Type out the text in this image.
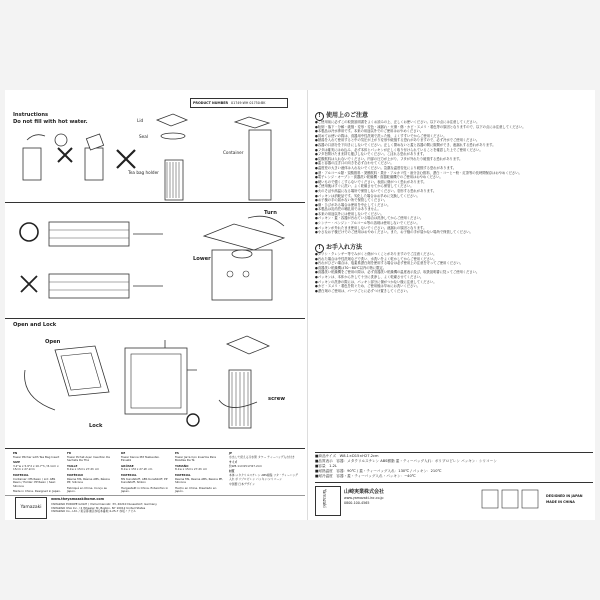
Instructions
Do not fill with hot water.
PRODUCT NUMBER 01749:WH 01750:BK
Lid
Seal
Container
Tea bag holder
Turn
Lower
Open and Lock
Open
Lock
screw
EN
Tower Pitcher with Tea Bag Insert
SIZE
3.2"w x 5.9"d x 10.7"h / 8.1cm x 15cm x 27.2cm
MATERIAL
Container: MS Resin / Lid: ABS Resin / Holder: PP Resin / Seal: Silicone
Made in China. Designed in Japan.
FR
Tower Pichet Avec Insertion De Sachets De Thé
TAILLE
8.1w x 15d x 27.2h cm
MATÉRIAU
Résine MS, Résine ABS, Résine PP, Silicone
Fabriqué en Chine. Conçu au Japon.
DE
Tower Kanne Mit Teebeutel-Einsatz
GRÖSSE
8.1w x 15t x 27.2h cm
MATERIAL
MS Kunststoff, ABS Kunststoff, PP Kunststoff, Silikon
Hergestellt in China. Entworfen in Japan.
ES
Tower Jarra Con Insertos Para Bolsitas De Té
TAMAÑO
8.1w x 15d x 27.2h cm
MATERIAL
Resina MS, Resina ABS, Resina PP, Silicona
Hecho en China. Diseñado en Japón.
JP
水出しで使える冷水筒 タワー ティーバッグ入れ付き
サイズ
約W8.1×D15×H27.2cm
材質
本体:メタクリルスチレン ABS樹脂 フタ・ティーバッグ入れ:ポリプロピレン パッキン:シリコーン
中国製 日本デザイン
Yamazaki
www.theyamazakihome.com
YAMAZAKI EUROPE GmbH / Immermannstr. 33, 40210 Dusseldorf, Germany
YAMAZAKI USA Inc. / 2 Wheeler St. Boston, NY 10012 United States
YAMAZAKI Co., Ltd. / 東京都港区赤坂本番地 4-25-7 赤坂ノアビル
! 使用上のご注意
●ご使用前に必ずこの取扱説明書をよくお読みの上、正しくお使いください。以下の点には注意してください。
●転倒・落下・分解・破損・変形・変色・凍漏れ・火傷・傷・カビ・ヌメリ・着色等の原因となりますので、以下の点には注意してください。
●本製品は冷水専用です。本来の用途以外でのご使用はおやめください。
●初めてお使いの際は、食器用中性洗剤で洗った後、よくすすいでからご使用ください。
●熱湯を入れて使用すると中の気圧が上がり変形や破損する恐れがありますので、必ず冷水でご使用ください。
●容器の口部分を下向きにしないでください。正しく閉めないと蓋と容器の間に隙間ができ、液漏れする恐れがあります。
●フタは確実にはめ込み、必ず本体とパッキンが正しく取り付けられていることを確認した上でご使用ください。
●フタを開けたまま持ち運びしないでください。こぼれる恐れがあります。
●炭酸飲料は入れないでください。内部の圧力が上がり、フタが外れたり破損する恐れがあります。
●蓋と容器の注ぎ口の向きを必ず合わせてください。
●温度差の大きい液体は入れないでください。急激な温度変化により破損する恐れがあります。
●酒・アルコール類・炭酸飲料・発酵飲料・果汁・アルカリ性・油分含む飲料、漂白・コーヒー粉・紅茶等の長時間保存はおやめください。
●電子レンジ・オーブン・食器洗い乾燥機・食器乾燥機でのご使用はおやめください。
●硬いもので強くこすらないでください。表面に傷がつく恐れがあります。
●ご使用後はすぐに洗い、よく乾燥させてから保管してください。
●火のそばや高温になる場所で保管しないでください。変形する恐れがあります。
●パッキンは消耗品です。劣化した場合はお早めに交換してください。
●お子様の手の届かない所で保管してください。
●傷・ひびがある場合は使用を中止してください。
●本製品は乳幼児の哺乳用ではありません。
●本来の用途以外には使用しないでください。
●パッキン・蓋・容器が汚れている場合は洗浄してからご使用ください。
●シンナー・ベンジン・アルコール等の溶剤は使用しないでください。
●パッキンが外れたまま使用しないでください。液漏れの原因となります。
●小さなお子様だけでのご使用はおやめください。また、お子様の手が届かない場所で保管してください。
! お手入れ方法
●タワシ・クレンザー等でみがくと傷がつくことがありますのでご注意ください。
●汚れた場合は中性洗剤などで洗い、水洗いをよく乾かしてからご使用ください。
●汚れがひどい場合は、塩素系漂白剤を使用する場合は必ず使用上の注意を守ってご使用ください。
●食器洗い乾燥機は70〜80℃以内の物に限定。
●食器洗い乾燥機をご使用の際は、必ず食器洗い乾燥機の温度表示及び、取扱説明書に従ってご使用ください。
●パッキンは、本体から外して十分に洗浄し、よく乾燥させてください。
●パッキンの洗浄の際には、パッキン部分に傷がつかない様に注意してください。
●カビ・ヌメリ・着色を防ぐため、ご使用後は早めにお洗いください。
●漂白剤のご使用は、パーツごとに必ずつけ置きしてください。
■商品サイズ　W8.1×D15×H27.2cm
■品質表示　容器：メタクリルスチレン ABS樹脂 蓋・ティーバッグ入れ：ポリプロピレン パッキン：シリコーン
■容量　1.2L
■耐熱温度　容器：90℃ / 蓋・ティーバッグ入れ：130℃ / パッキン：210℃
■耐冷温度　容器・蓋・ティーバッグ入れ・パッキン：−40℃
Yamazaki	山崎実業株式会社
www.yamazaki-inc.co.jp
0800-100-4565
DESIGNED IN JAPAN
MADE IN CHINA
